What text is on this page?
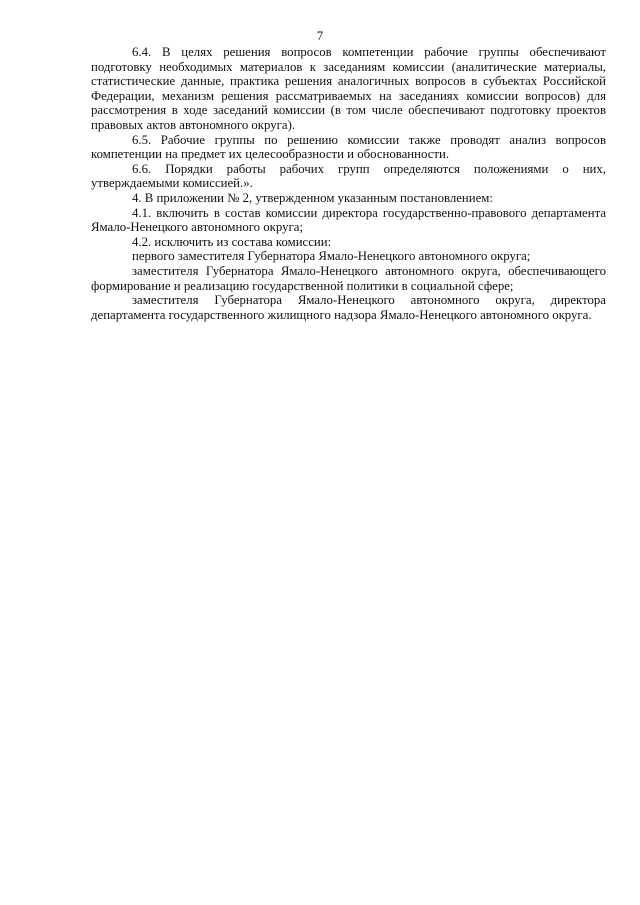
7

6.4. В целях решения вопросов компетенции рабочие группы обеспечивают подготовку необходимых материалов к заседаниям комиссии (аналитические материалы, статистические данные, практика решения аналогичных вопросов в субъектах Российской Федерации, механизм решения рассматриваемых на заседаниях комиссии вопросов) для рассмотрения в ходе заседаний комиссии (в том числе обеспечивают подготовку проектов правовых актов автономного округа).

6.5. Рабочие группы по решению комиссии также проводят анализ вопросов компетенции на предмет их целесообразности и обоснованности.

6.6. Порядки работы рабочих групп определяются положениями о них, утверждаемыми комиссией.».

4. В приложении № 2, утвержденном указанным постановлением:

4.1. включить в состав комиссии директора государственно-правового департамента Ямало-Ненецкого автономного округа;

4.2. исключить из состава комиссии:

первого заместителя Губернатора Ямало-Ненецкого автономного округа;

заместителя Губернатора Ямало-Ненецкого автономного округа, обеспечивающего формирование и реализацию государственной политики в социальной сфере;

заместителя Губернатора Ямало-Ненецкого автономного округа, директора департамента государственного жилищного надзора Ямало-Ненецкого автономного округа.
